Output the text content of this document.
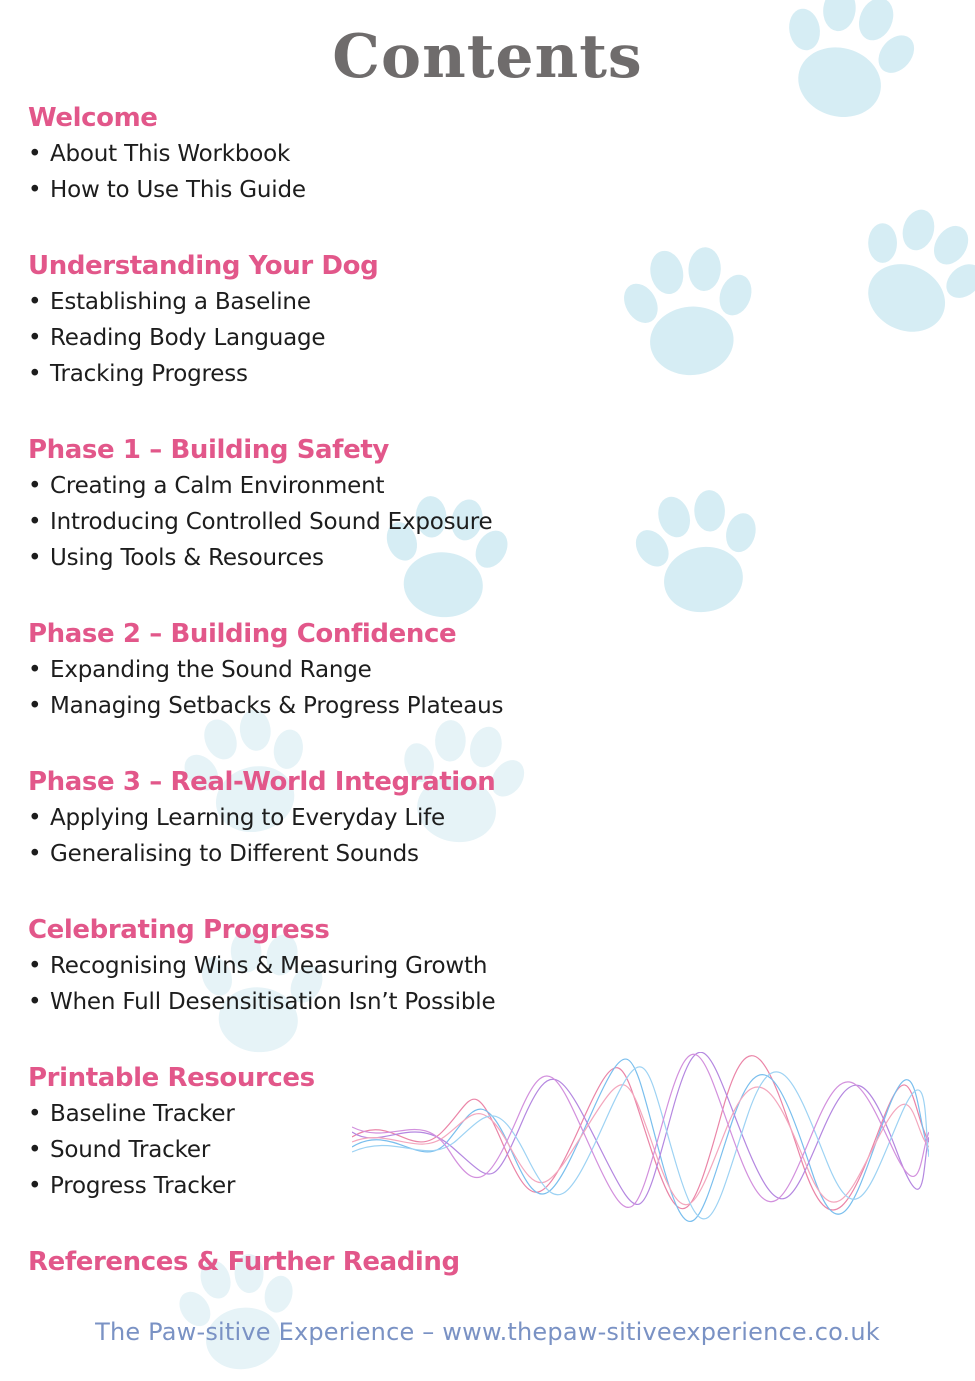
Contents
Welcome
• About This Workbook
• How to Use This Guide
Understanding Your Dog
• Establishing a Baseline
• Reading Body Language
• Tracking Progress
Phase 1 – Building Safety
• Creating a Calm Environment
• Introducing Controlled Sound Exposure
• Using Tools & Resources
Phase 2 – Building Confidence
• Expanding the Sound Range
• Managing Setbacks & Progress Plateaus
Phase 3 – Real-World Integration
• Applying Learning to Everyday Life
• Generalising to Different Sounds
Celebrating Progress
• Recognising Wins & Measuring Growth
• When Full Desensitisation Isn’t Possible
Printable Resources
• Baseline Tracker
• Sound Tracker
• Progress Tracker
References & Further Reading
The Paw-sitive Experience – www.thepaw-sitiveexperience.co.uk
